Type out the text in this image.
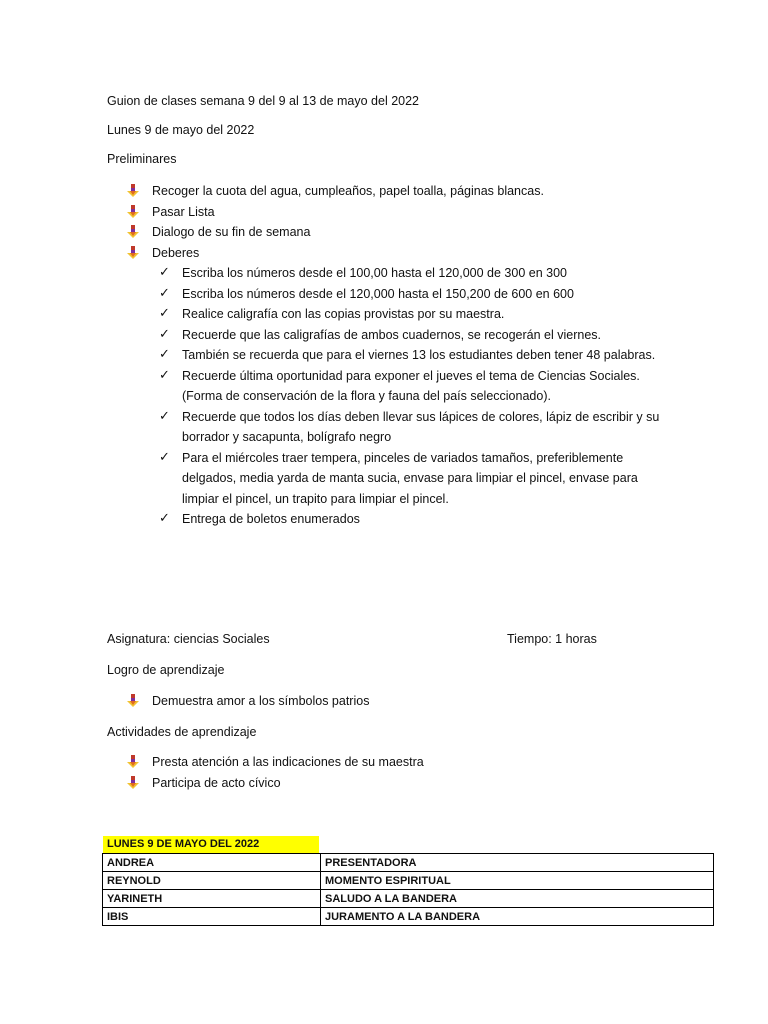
Guion de clases semana 9 del 9 al 13 de mayo del 2022
Lunes 9 de mayo del 2022
Preliminares
Recoger la cuota del agua, cumpleaños, papel toalla, páginas blancas.
Pasar Lista
Dialogo de su fin de semana
Deberes
✓ Escriba los números desde el 100,00 hasta el 120,000 de 300 en 300
✓ Escriba los números desde el 120,000 hasta el 150,200 de 600 en 600
✓ Realice caligrafía con las copias provistas por su maestra.
✓ Recuerde que las caligrafías de ambos cuadernos, se recogerán el viernes.
✓ También se recuerda que para el viernes 13 los estudiantes deben tener 48 palabras.
✓ Recuerde última oportunidad para exponer el jueves el tema de Ciencias Sociales. (Forma de conservación de la flora y fauna del país seleccionado).
✓ Recuerde que todos los días deben llevar sus lápices de colores, lápiz de escribir y su borrador y sacapunta, bolígrafo negro
✓ Para el miércoles traer tempera, pinceles de variados tamaños, preferiblemente delgados, media yarda de manta sucia, envase para limpiar el pincel, envase para limpiar el pincel, un trapito para limpiar el pincel.
✓ Entrega de boletos enumerados
Asignatura: ciencias Sociales	Tiempo: 1 horas
Logro de aprendizaje
Demuestra amor a los símbolos patrios
Actividades de aprendizaje
Presta atención a las indicaciones de su maestra
Participa de acto cívico
LUNES 9 DE MAYO DEL 2022
ANDREA	PRESENTADORA
REYNOLD	MOMENTO ESPIRITUAL
YARINETH	SALUDO A LA BANDERA
IBIS	JURAMENTO A LA BANDERA
